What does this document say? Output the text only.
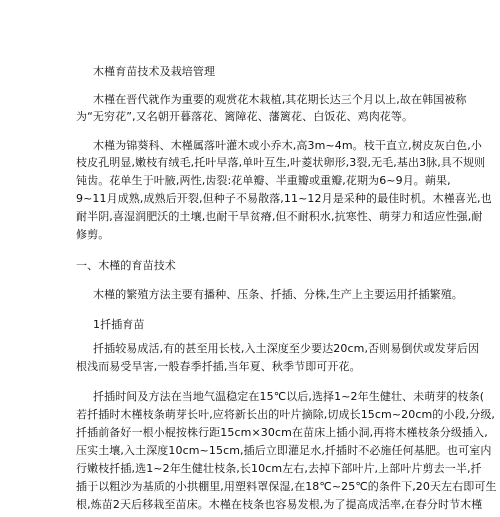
木槿育苗技术及栽培管理
木槿在晋代就作为重要的观赏花木栽植,其花期长达三个月以上,故在韩国被称
为“无穷花”,又名朝开暮落花、篱障花、藩篱花、白饭花、鸡肉花等。
木槿为锦葵科、木槿属落叶灌木或小乔木,高3m~4m。枝干直立,树皮灰白色,小
枝皮孔明显,嫩枝有绒毛,托叶早落,单叶互生,叶菱状卵形,3裂,无毛,基出3脉,具不规则
钝齿。花单生于叶腋,两性,齿裂:花单瓣、半重瓣或重瓣,花期为6~9月。蒴果,
9~11月成熟,成熟后开裂,但种子不易散落,11~12月是采种的最佳时机。木槿喜光,也
耐半阴,喜湿润肥沃的土壤,也耐干旱贫瘠,但不耐积水,抗寒性、萌芽力和适应性强,耐
修剪。
一、木槿的育苗技术
木槿的繁殖方法主要有播种、压条、扦插、分株,生产上主要运用扦插繁殖。
1扦插育苗
扦插较易成活,有的甚至用长枝,入土深度至少要达20cm,否则易倒伏或发芽后因
根浅而易受旱害,一般春季扦插,当年夏、秋季节即可开花。
扦插时间及方法在当地气温稳定在15℃以后,选择1~2年生健壮、未萌芽的枝条(
若扦插时木槿枝条萌芽长叶,应将新长出的叶片摘除,切成长15cm~20cm的小段,分级,
扦插前备好一根小棍按株行距15cm×30cm在苗床上插小洞,再将木槿枝条分级插入,
压实土壤,入土深度10cm~15cm,插后立即灌足水,扦插时不必施任何基肥。也可室内
行嫩枝扦插,选1~2年生健壮枝条,长10cm左右,去掉下部叶片,上部叶片剪去一半,扦
插于以粗沙为基质的小拱棚里,用塑料罩保湿,在18℃~25℃的条件下,20天左右即可生
根,炼苗2天后移栽至苗床。木槿在枝条也容易发根,为了提高成活率,在春分时节木槿
